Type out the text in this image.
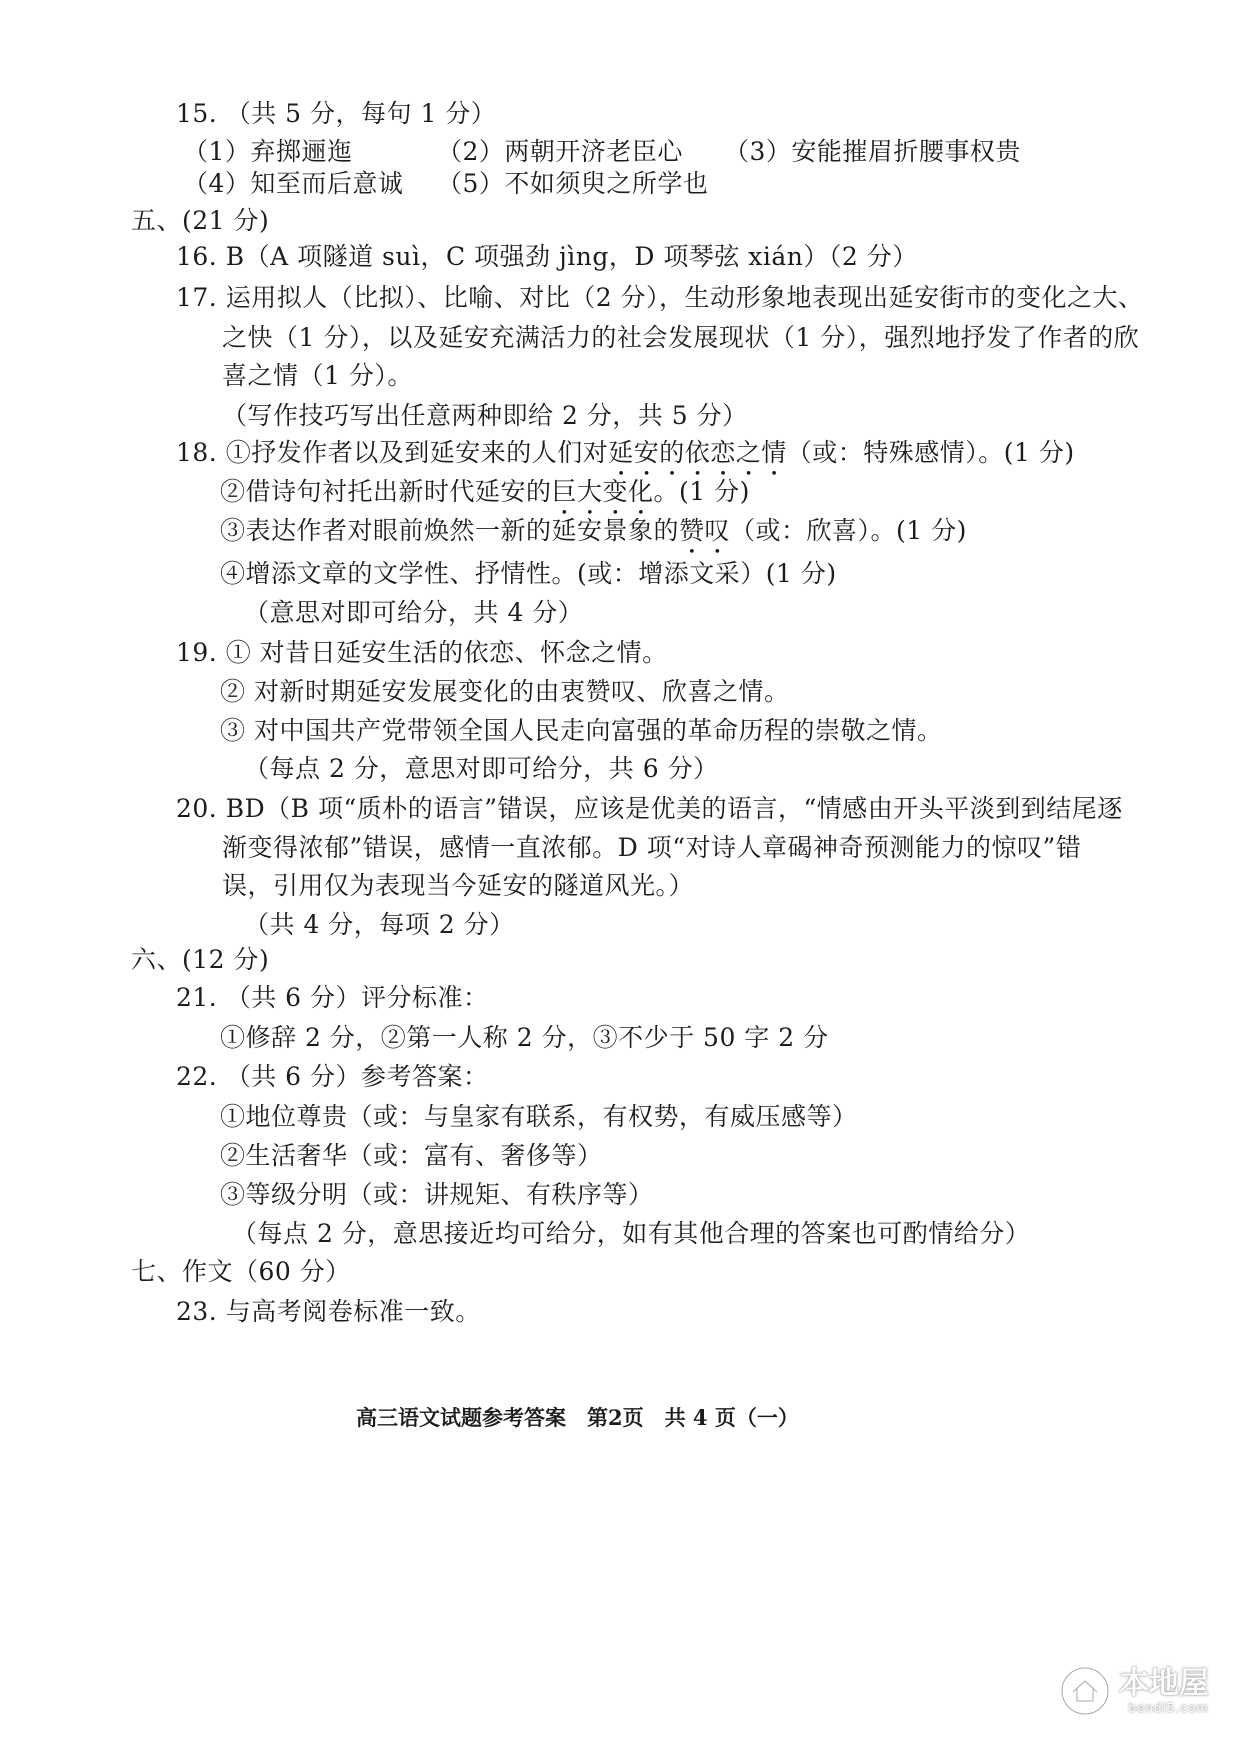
15. （共 5 分，每句 1 分）
（1）弃掷逦迤	（2）两朝开济老臣心 （3）安能摧眉折腰事权贵
（4）知至而后意诚 （5）不如须臾之所学也
五、(21 分)
16. B（A 项隧道 suì，C 项强劲 jìng，D 项琴弦 xián）（2 分）
17. 运用拟人（比拟）、比喻、对比（2 分），生动形象地表现出延安街市的变化之大、
之快（1 分），以及延安充满活力的社会发展现状（1 分），强烈地抒发了作者的欣
喜之情（1 分）。
（写作技巧写出任意两种即给 2 分，共 5 分）
18. ①抒发作者以及到延安来的人们对延安的依恋之情（或：特殊感情）。(1 分)
②借诗句衬托出新时代延安的巨大变化。(1 分)
③表达作者对眼前焕然一新的延安景象的赞叹（或：欣喜）。(1 分)
④增添文章的文学性、抒情性。(或：增添文采）(1 分)
（意思对即可给分，共 4 分）
19. ① 对昔日延安生活的依恋、怀念之情。
② 对新时期延安发展变化的由衷赞叹、欣喜之情。
③ 对中国共产党带领全国人民走向富强的革命历程的崇敬之情。
（每点 2 分，意思对即可给分，共 6 分）
20. BD（B 项“质朴的语言”错误，应该是优美的语言，“情感由开头平淡到到结尾逐
渐变得浓郁”错误，感情一直浓郁。D 项“对诗人章碣神奇预测能力的惊叹”错
误，引用仅为表现当今延安的隧道风光。）
（共 4 分，每项 2 分）
六、(12 分)
21. （共 6 分）评分标准：
①修辞 2 分，②第一人称 2 分，③不少于 50 字 2 分
22. （共 6 分）参考答案：
①地位尊贵（或：与皇家有联系，有权势，有威压感等）
②生活奢华（或：富有、奢侈等）
③等级分明（或：讲规矩、有秩序等）
（每点 2 分，意思接近均可给分，如有其他合理的答案也可酌情给分）
七、作文（60 分）
23. 与高考阅卷标准一致。
高三语文试题参考答案　第2页　共 4 页（一）
本地屋
bendi5.com
